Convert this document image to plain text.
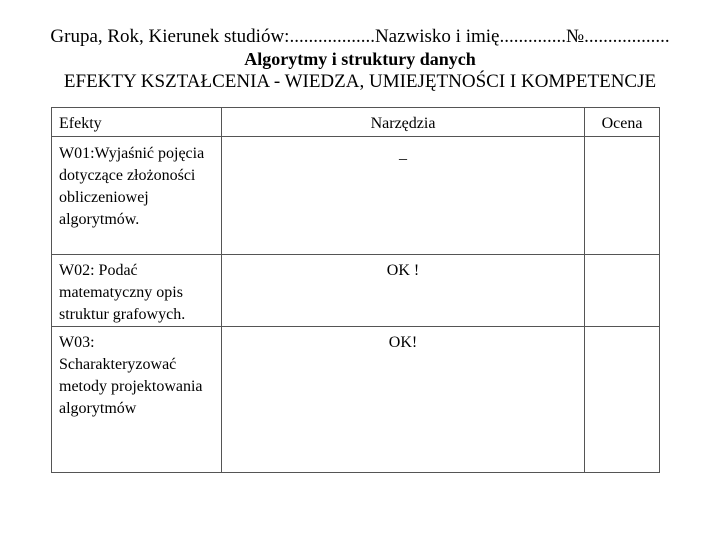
Grupa, Rok, Kierunek studiów:..................Nazwisko i imię..............№..................
Algorytmy i struktury danych
EFEKTY KSZTAŁCENIA - WIEDZA, UMIEJĘTNOŚCI I KOMPETENCJE
Efekty	Narzędzia	Ocena

W01:Wyjaśnić pojęcia dotyczące złożoności obliczeniowej algorytmów.	_	

W02: Podać matematyczny opis struktur grafowych.	OK !	

W03: Scharakteryzować metody projektowania algorytmów	OK!	
